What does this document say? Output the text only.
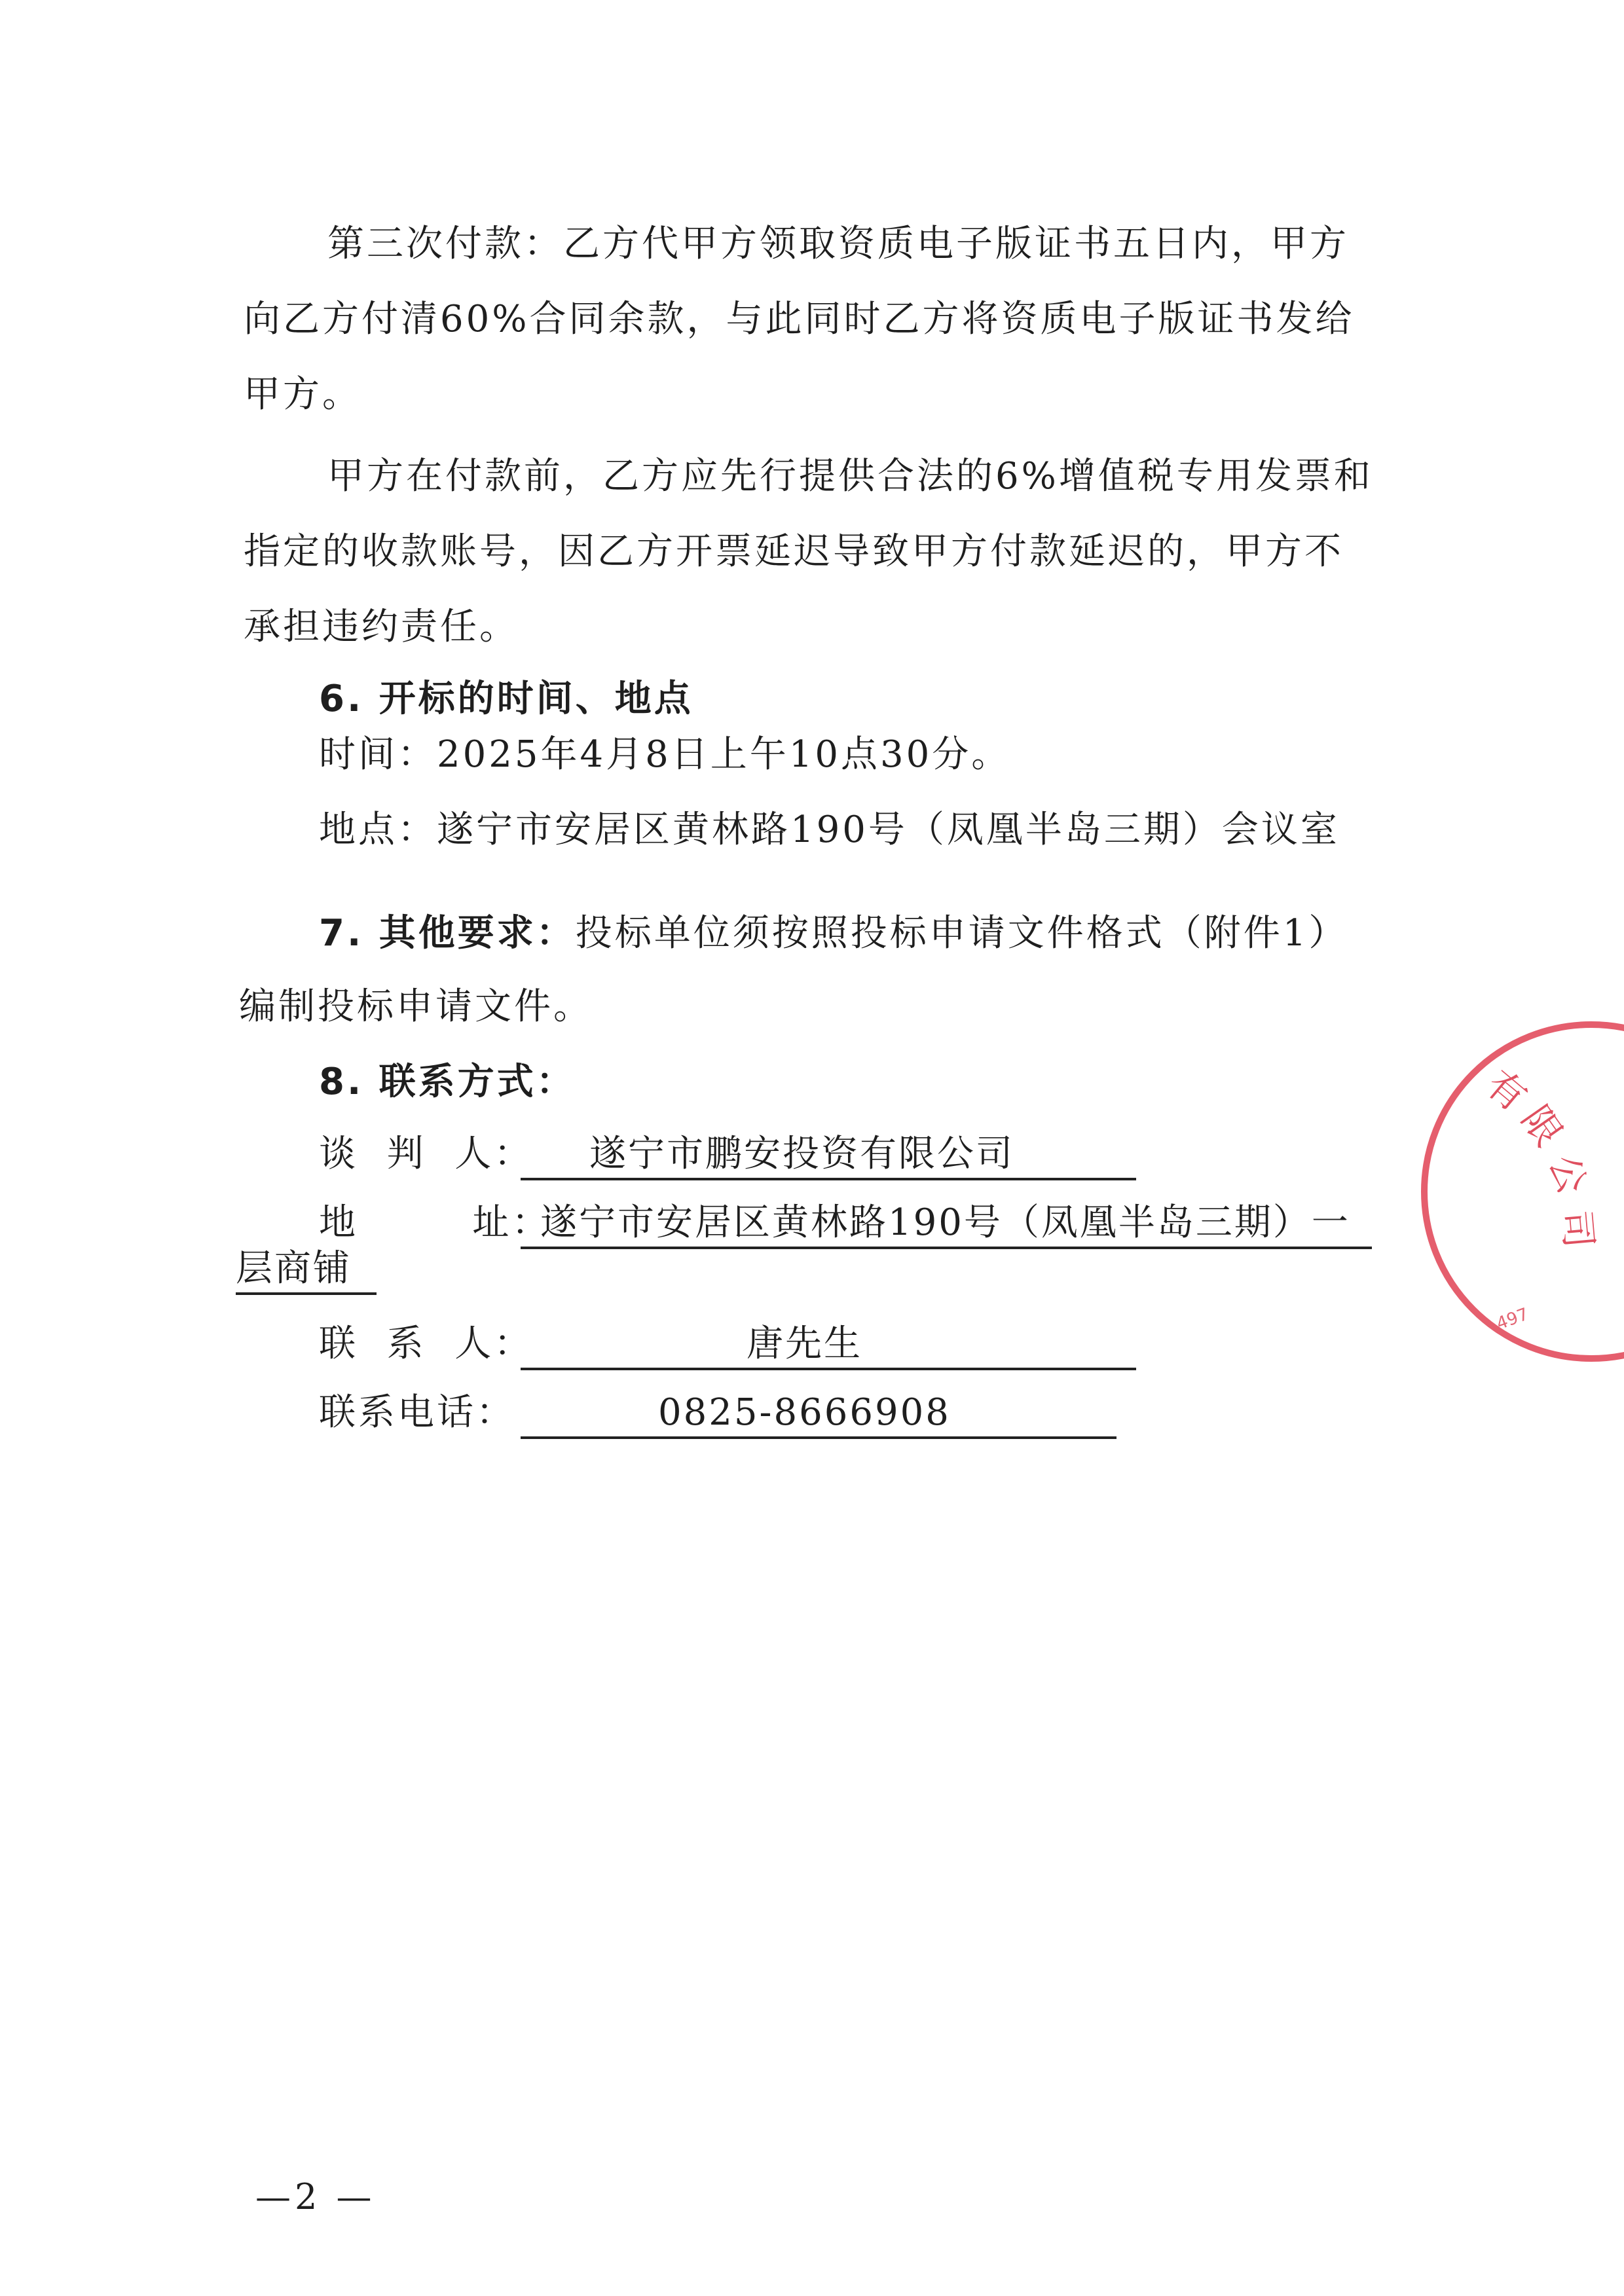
第三次付款：乙方代甲方领取资质电子版证书五日内，甲方
向乙方付清60%合同余款，与此同时乙方将资质电子版证书发给
甲方。
甲方在付款前，乙方应先行提供合法的6%增值税专用发票和
指定的收款账号，因乙方开票延迟导致甲方付款延迟的，甲方不
承担违约责任。
6. 开标的时间、地点
时间：2025年4月8日上午10点30分。
地点：遂宁市安居区黄林路190号（凤凰半岛三期）会议室
7. 其他要求：投标单位须按照投标申请文件格式（附件1）
编制投标申请文件。
8. 联系方式：
谈  判  人： 遂宁市鹏安投资有限公司
地        址：
遂宁市安居区黄林路190号（凤凰半岛三期）一
层商铺
联  系  人：	唐先生
联系电话：	0825-8666908
有
限
公
司
497
—2 —
